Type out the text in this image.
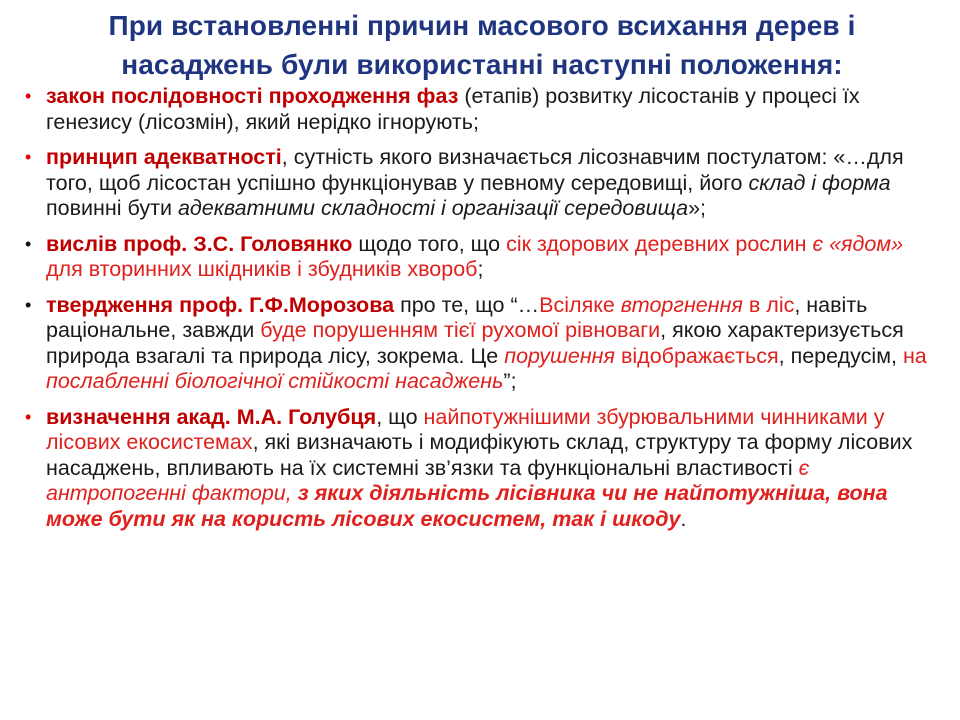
При встановленні причин масового всихання дерев і
насаджень були використанні наступні положення:
• закон послідовності проходження фаз (етапів) розвитку лісостанів у процесі їх генезису (лісозмін), який нерідко ігнорують;
• принцип адекватності, сутність якого визначається лісознавчим постулатом: «…для того, щоб лісостан успішно функціонував у певному середовищі, його склад і форма повинні бути адекватними складності і організації середовища»;
• вислів проф. З.С. Головянко щодо того, що сік здорових деревних рослин є «ядом» для вторинних шкідників і збудників хвороб;
• твердження проф. Г.Ф.Морозова про те, що “…Всіляке вторгнення в ліс, навіть раціональне, завжди буде порушенням тієї рухомої рівноваги, якою характеризується природа взагалі та природа лісу, зокрема. Це порушення відображається, передусім, на послабленні біологічної стійкості насаджень”;
• визначення акад. М.А. Голубця, що найпотужнішими збурювальними чинниками у лісових екосистемах, які визначають і модифікують склад, структуру та форму лісових насаджень, впливають на їх системні зв’язки та функціональні властивості є антропогенні фактори, з яких діяльність лісівника чи не найпотужніша, вона може бути як на користь лісових екосистем, так і шкоду.
